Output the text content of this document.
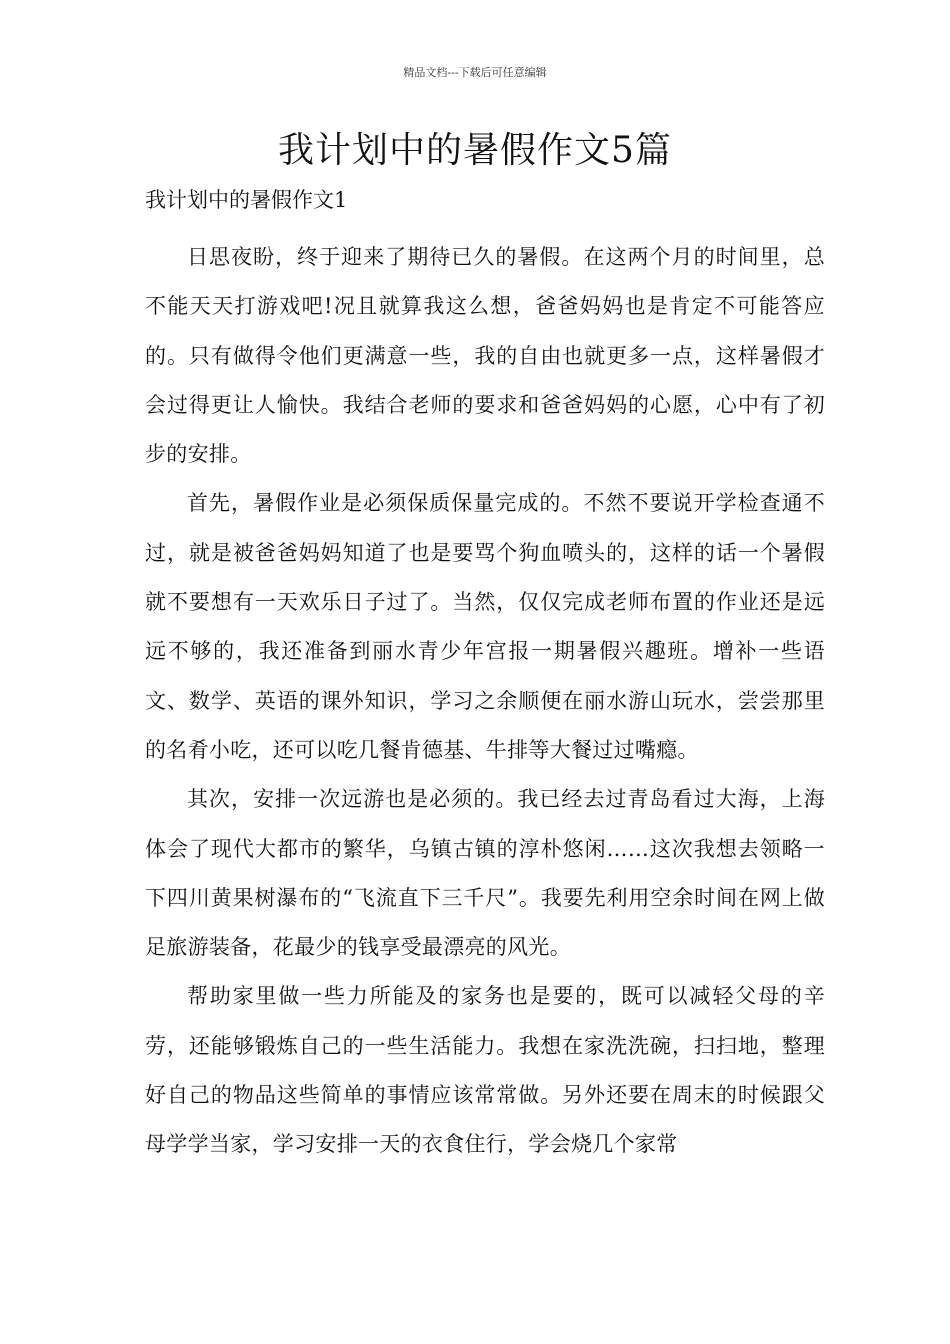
精品文档---下载后可任意编辑
我计划中的暑假作文5篇
我计划中的暑假作文1

日思夜盼，终于迎来了期待已久的暑假。在这两个月的时间里，总不能天天打游戏吧!况且就算我这么想，爸爸妈妈也是肯定不可能答应的。只有做得令他们更满意一些，我的自由也就更多一点，这样暑假才会过得更让人愉快。我结合老师的要求和爸爸妈妈的心愿，心中有了初步的安排。

首先，暑假作业是必须保质保量完成的。不然不要说开学检查通不过，就是被爸爸妈妈知道了也是要骂个狗血喷头的，这样的话一个暑假就不要想有一天欢乐日子过了。当然，仅仅完成老师布置的作业还是远远不够的，我还准备到丽水青少年宫报一期暑假兴趣班。增补一些语文、数学、英语的课外知识，学习之余顺便在丽水游山玩水，尝尝那里的名肴小吃，还可以吃几餐肯德基、牛排等大餐过过嘴瘾。

其次，安排一次远游也是必须的。我已经去过青岛看过大海，上海体会了现代大都市的繁华，乌镇古镇的淳朴悠闲……这次我想去领略一下四川黄果树瀑布的“飞流直下三千尺”。我要先利用空余时间在网上做足旅游装备，花最少的钱享受最漂亮的风光。

帮助家里做一些力所能及的家务也是要的，既可以减轻父母的辛劳，还能够锻炼自己的一些生活能力。我想在家洗洗碗，扫扫地，整理好自己的物品这些简单的事情应该常常做。另外还要在周末的时候跟父母学学当家，学习安排一天的衣食住行，学会烧几个家常
